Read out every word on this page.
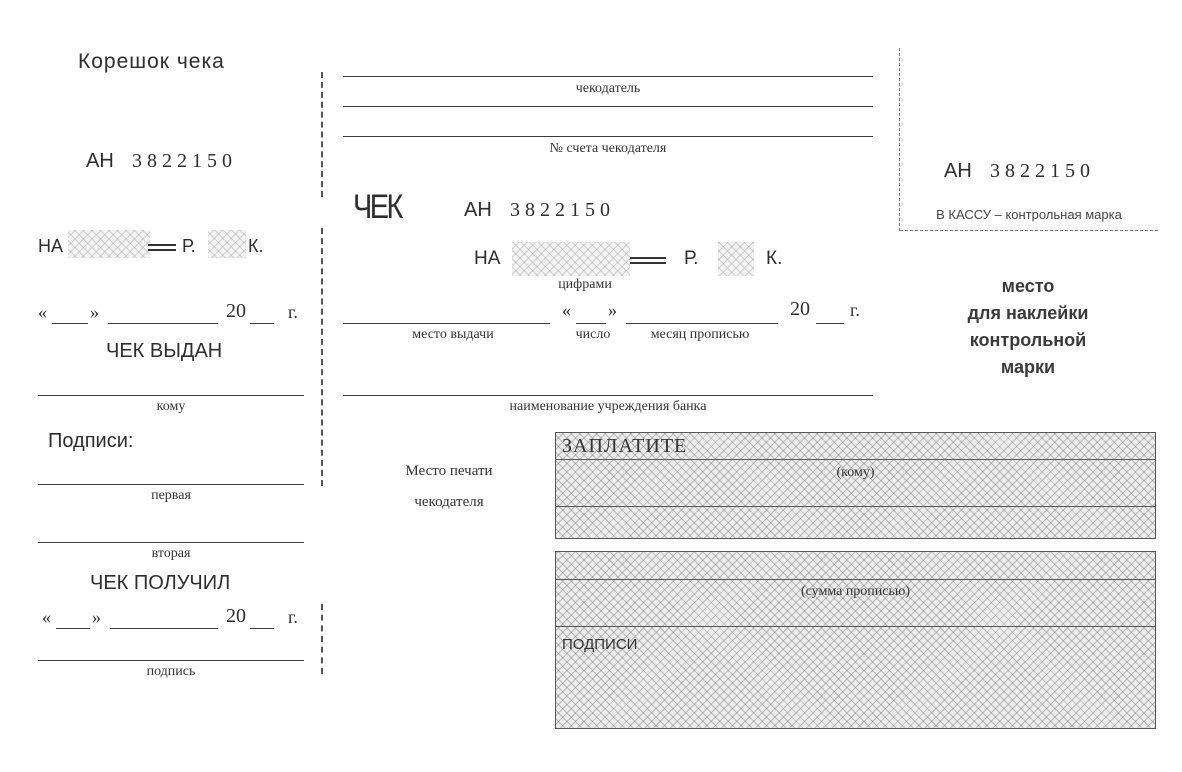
Корешок чека
АН 3822150
НА	Р.	К.
« »	20 г.
ЧЕК ВЫДАН
кому
Подписи:
первая
вторая
ЧЕК ПОЛУЧИЛ
« »	20 г.
подпись
чекодатель
№ счета чекодателя
ЧЕК	АН 3822150
НА	Р.	К.
цифрами
« »	20 г.
место выдачи	число	месяц прописью
наименование учреждения банка
Место печати
чекодателя
ЗАПЛАТИТЕ
(кому)
(сумма прописью)
ПОДПИСИ
АН 3822150
В КАССУ – контрольная марка
место
для наклейки
контрольной
марки
